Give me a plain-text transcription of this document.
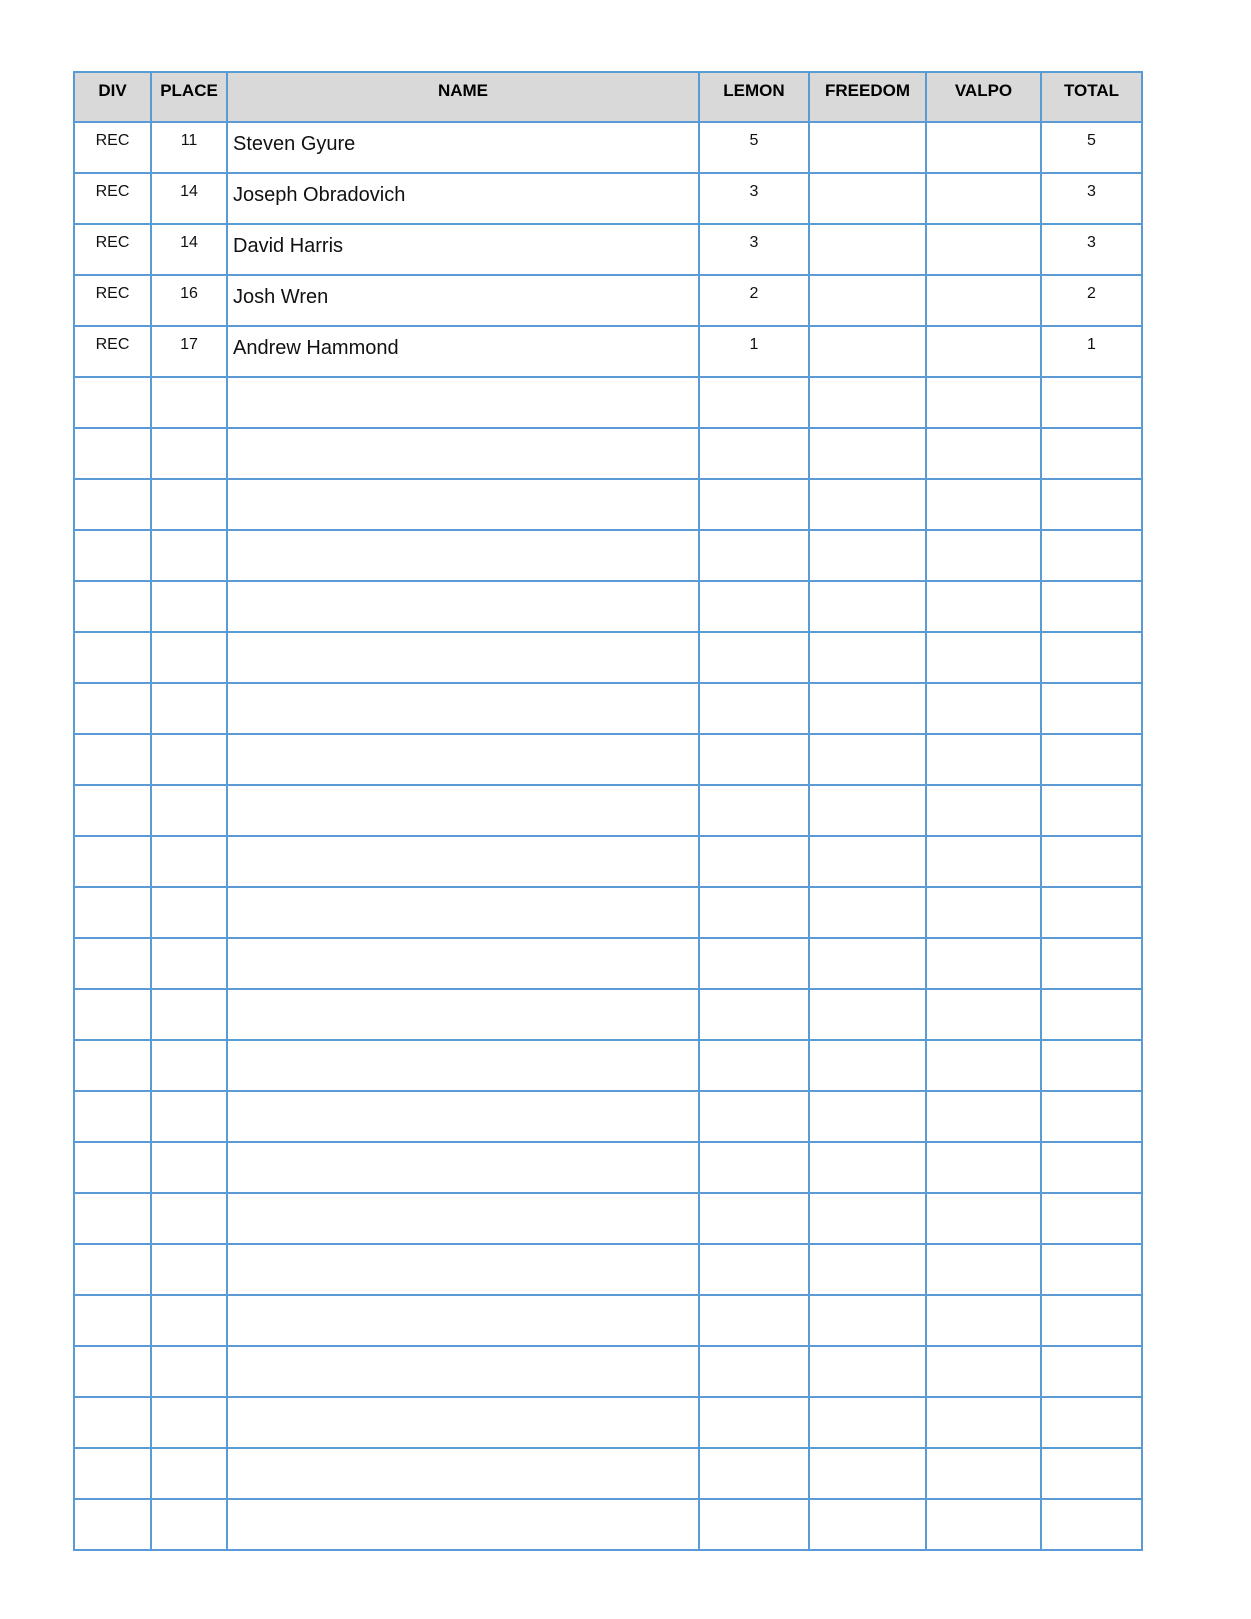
DIV	PLACE	NAME	LEMON	FREEDOM	VALPO	TOTAL
REC	11	Steven Gyure	5			5
REC	14	Joseph Obradovich	3			3
REC	14	David Harris	3			3
REC	16	Josh Wren	2			2
REC	17	Andrew Hammond	1			1
